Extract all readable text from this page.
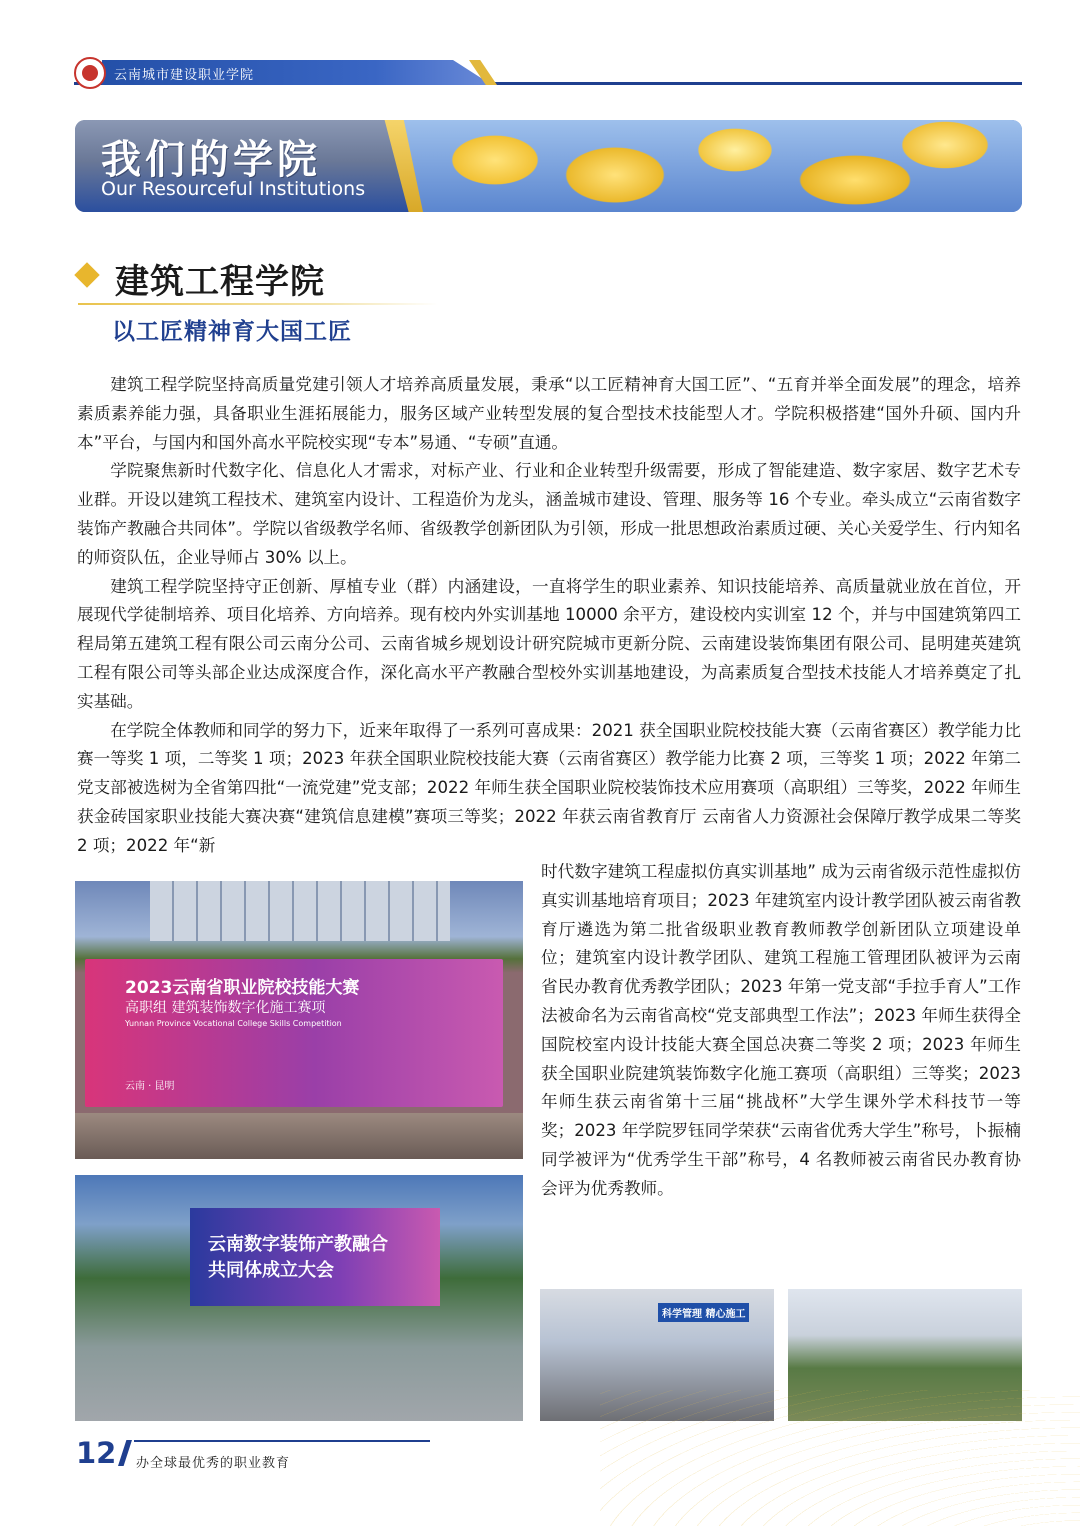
云南城市建设职业学院
我们的学院
Our Resourceful Institutions
建筑工程学院
以工匠精神育大国工匠

建筑工程学院坚持高质量党建引领人才培养高质量发展，秉承“以工匠精神育大国工匠”、“五育并举全面发展”的理念，培养素质素养能力强，具备职业生涯拓展能力，服务区域产业转型发展的复合型技术技能型人才。学院积极搭建“国外升硕、国内升本”平台，与国内和国外高水平院校实现“专本”易通、“专硕”直通。

学院聚焦新时代数字化、信息化人才需求，对标产业、行业和企业转型升级需要，形成了智能建造、数字家居、数字艺术专业群。开设以建筑工程技术、建筑室内设计、工程造价为龙头，涵盖城市建设、管理、服务等 16 个专业。牵头成立“云南省数字装饰产教融合共同体”。学院以省级教学名师、省级教学创新团队为引领，形成一批思想政治素质过硬、关心关爱学生、行内知名的师资队伍，企业导师占 30% 以上。

建筑工程学院坚持守正创新、厚植专业（群）内涵建设，一直将学生的职业素养、知识技能培养、高质量就业放在首位，开展现代学徒制培养、项目化培养、方向培养。现有校内外实训基地 10000 余平方，建设校内实训室 12 个，并与中国建筑第四工程局第五建筑工程有限公司云南分公司、云南省城乡规划设计研究院城市更新分院、云南建设装饰集团有限公司、昆明建英建筑工程有限公司等头部企业达成深度合作，深化高水平产教融合型校外实训基地建设，为高素质复合型技术技能人才培养奠定了扎实基础。

在学院全体教师和同学的努力下，近来年取得了一系列可喜成果：2021 获全国职业院校技能大赛（云南省赛区）教学能力比赛一等奖 1 项，二等奖 1 项；2023 年获全国职业院校技能大赛（云南省赛区）教学能力比赛 2 项，三等奖 1 项；2022 年第二党支部被选树为全省第四批“一流党建”党支部；2022 年师生获全国职业院校装饰技术应用赛项（高职组）三等奖，2022 年师生获金砖国家职业技能大赛决赛“建筑信息建模”赛项三等奖；2022 年获云南省教育厅 云南省人力资源社会保障厅教学成果二等奖 2 项；2022 年“新

时代数字建筑工程虚拟仿真实训基地” 成为云南省级示范性虚拟仿真实训基地培育项目；2023 年建筑室内设计教学团队被云南省教育厅遴选为第二批省级职业教育教师教学创新团队立项建设单位；建筑室内设计教学团队、建筑工程施工管理团队被评为云南省民办教育优秀教学团队；2023 年第一党支部“手拉手育人”工作法被命名为云南省高校“党支部典型工作法”；2023 年师生获得全国院校室内设计技能大赛全国总决赛二等奖 2 项；2023 年师生获全国职业院建筑装饰数字化施工赛项（高职组）三等奖；2023 年师生获云南省第十三届“挑战杯”大学生课外学术科技节一等奖；2023 年学院罗钰同学荣获“云南省优秀大学生”称号，卜振楠同学被评为“优秀学生干部”称号，4 名教师被云南省民办教育协会评为优秀教师。

2023云南省职业院校技能大赛
高职组 建筑装饰数字化施工赛项
Yunnan Province Vocational College Skills Competition
云南 · 昆明
云南数字装饰产教融合
共同体成立大会
科学管理 精心施工
12 办全球最优秀的职业教育
